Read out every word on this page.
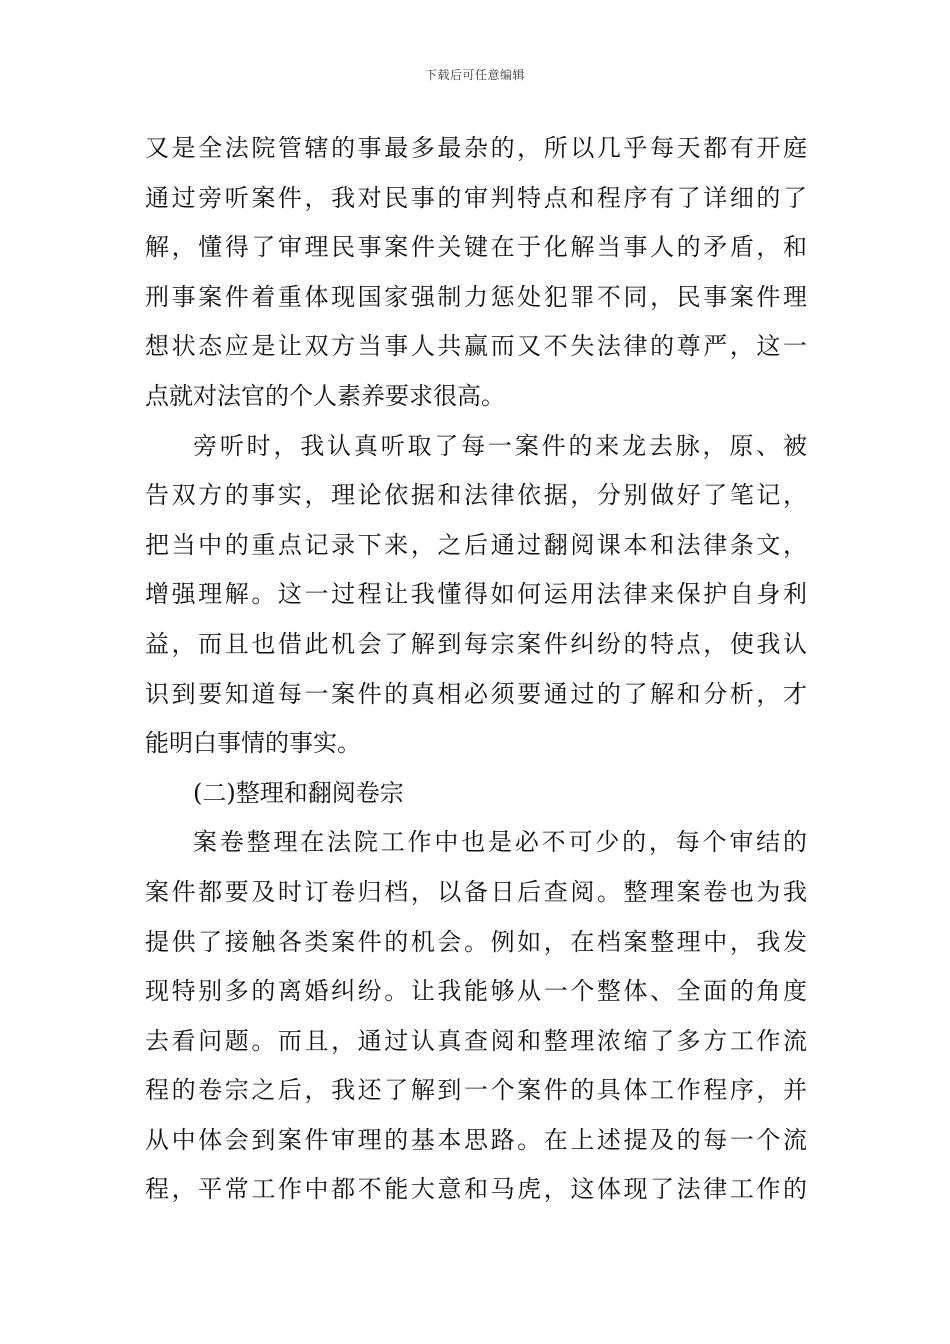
下载后可任意编辑
又是全法院管辖的事最多最杂的，所以几乎每天都有开庭
通过旁听案件，我对民事的审判特点和程序有了详细的了
解，懂得了审理民事案件关键在于化解当事人的矛盾，和
刑事案件着重体现国家强制力惩处犯罪不同，民事案件理
想状态应是让双方当事人共赢而又不失法律的尊严，这一
点就对法官的个人素养要求很高。
旁听时，我认真听取了每一案件的来龙去脉，原、被
告双方的事实，理论依据和法律依据，分别做好了笔记，
把当中的重点记录下来，之后通过翻阅课本和法律条文，
增强理解。这一过程让我懂得如何运用法律来保护自身利
益，而且也借此机会了解到每宗案件纠纷的特点，使我认
识到要知道每一案件的真相必须要通过的了解和分析，才
能明白事情的事实。
(二)整理和翻阅卷宗
案卷整理在法院工作中也是必不可少的，每个审结的
案件都要及时订卷归档，以备日后查阅。整理案卷也为我
提供了接触各类案件的机会。例如，在档案整理中，我发
现特别多的离婚纠纷。让我能够从一个整体、全面的角度
去看问题。而且，通过认真查阅和整理浓缩了多方工作流
程的卷宗之后，我还了解到一个案件的具体工作程序，并
从中体会到案件审理的基本思路。在上述提及的每一个流
程，平常工作中都不能大意和马虎，这体现了法律工作的
